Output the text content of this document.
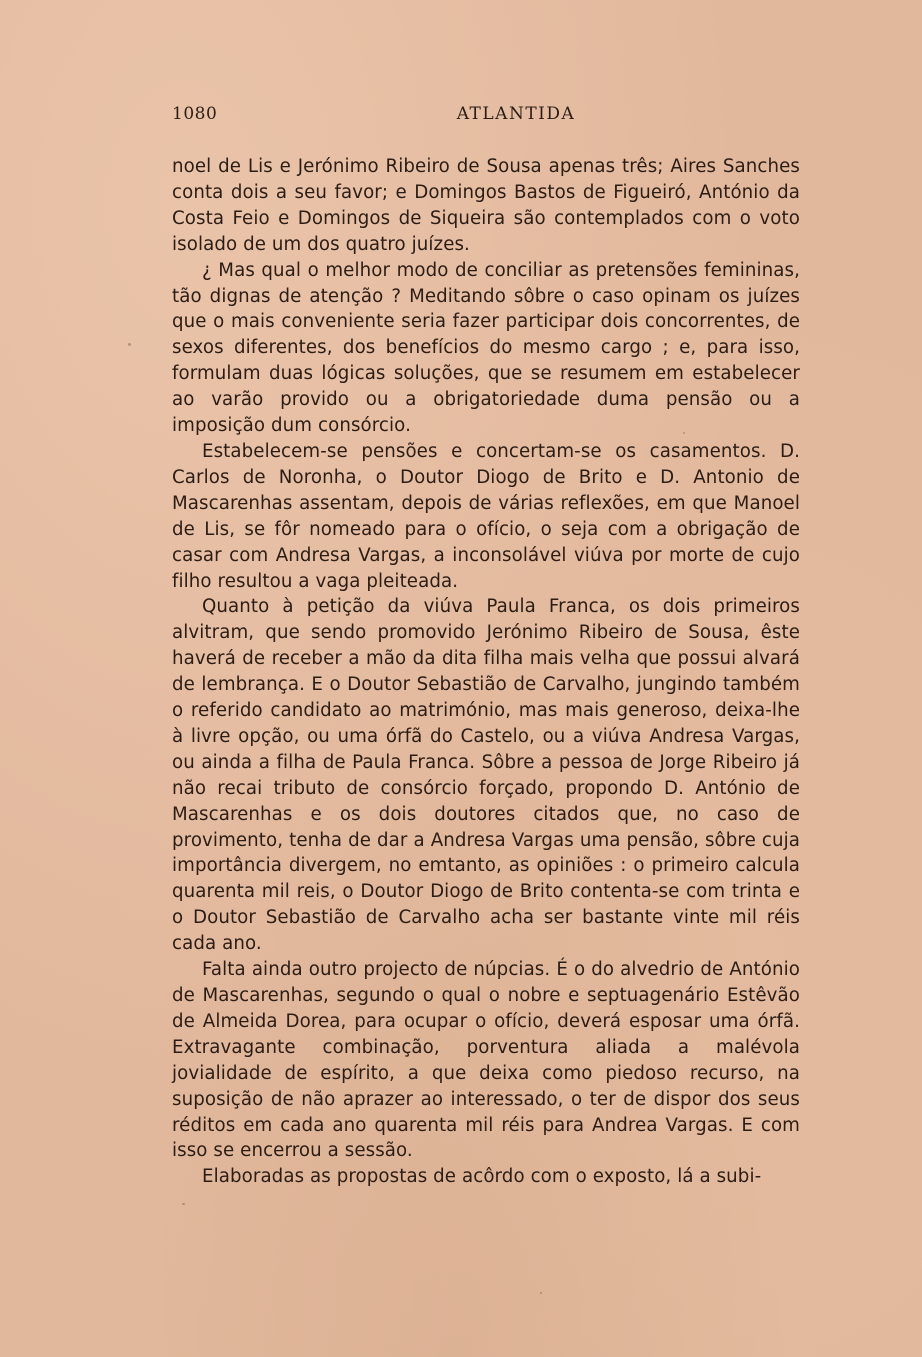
1080	ATLANTIDA

noel de Lis e Jerónimo Ribeiro de Sousa apenas três; Aires Sanches conta dois a seu favor; e Domingos Bastos de Figueiró, António da Costa Feio e Domingos de Siqueira são contemplados com o voto isolado de um dos quatro juízes.

¿ Mas qual o melhor modo de conciliar as pretensões femininas, tão dignas de atenção ? Meditando sôbre o caso opinam os juízes que o mais conveniente seria fazer participar dois concorrentes, de sexos diferentes, dos benefícios do mesmo cargo ; e, para isso, formulam duas lógicas soluções, que se resumem em estabelecer ao varão provido ou a obrigatoriedade duma pensão ou a imposição dum consórcio.

Estabelecem-se pensões e concertam-se os casamentos. D. Carlos de Noronha, o Doutor Diogo de Brito e D. Antonio de Mascarenhas assentam, depois de várias reflexões, em que Manoel de Lis, se fôr nomeado para o ofício, o seja com a obrigação de casar com Andresa Vargas, a inconsolável viúva por morte de cujo filho resultou a vaga pleiteada.

Quanto à petição da viúva Paula Franca, os dois primeiros alvitram, que sendo promovido Jerónimo Ribeiro de Sousa, êste haverá de receber a mão da dita filha mais velha que possui alvará de lembrança. E o Doutor Sebastião de Carvalho, jungindo também o referido candidato ao matrimónio, mas mais generoso, deixa-lhe à livre opção, ou uma órfã do Castelo, ou a viúva Andresa Vargas, ou ainda a filha de Paula Franca. Sôbre a pessoa de Jorge Ribeiro já não recai tributo de consórcio forçado, propondo D. António de Mascarenhas e os dois doutores citados que, no caso de provimento, tenha de dar a Andresa Vargas uma pensão, sôbre cuja importância divergem, no emtanto, as opiniões : o primeiro calcula quarenta mil reis, o Doutor Diogo de Brito contenta-se com trinta e o Doutor Sebastião de Carvalho acha ser bastante vinte mil réis cada ano.

Falta ainda outro projecto de núpcias. É o do alvedrio de António de Mascarenhas, segundo o qual o nobre e septuagenário Estêvão de Almeida Dorea, para ocupar o ofício, deverá esposar uma órfã. Extravagante combinação, porventura aliada a malévola jovialidade de espírito, a que deixa como piedoso recurso, na suposição de não aprazer ao interessado, o ter de dispor dos seus réditos em cada ano quarenta mil réis para Andrea Vargas. E com isso se encerrou a sessão.

Elaboradas as propostas de acôrdo com o exposto, lá a subi-
